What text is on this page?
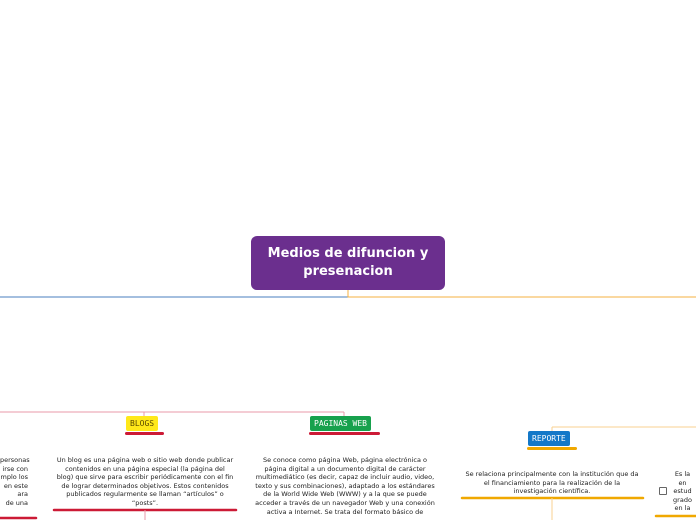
Medios de difuncion y presenacion
BLOGS
Un blog es una página web o sitio web donde publicar contenidos en una página especial (la página del blog) que sirve para escribir periódicamente con el fin de lograr determinados objetivos. Estos contenidos publicados regularmente se llaman “artículos” o “posts”.
PAGINAS WEB
Se conoce como página Web, página electrónica o página digital a un documento digital de carácter multimediático (es decir, capaz de incluir audio, video, texto y sus combinaciones), adaptado a los estándares de la World Wide Web (WWW) y a la que se puede acceder a través de un navegador Web y una conexión activa a Internet. Se trata del formato básico de
REPORTE
Se relaciona principalmente con la institución que da el financiamiento para la realización de la investigación científica.
personas
irse con
mplo los
en este
ara
de una
Es la
en
estud
grado
en la
